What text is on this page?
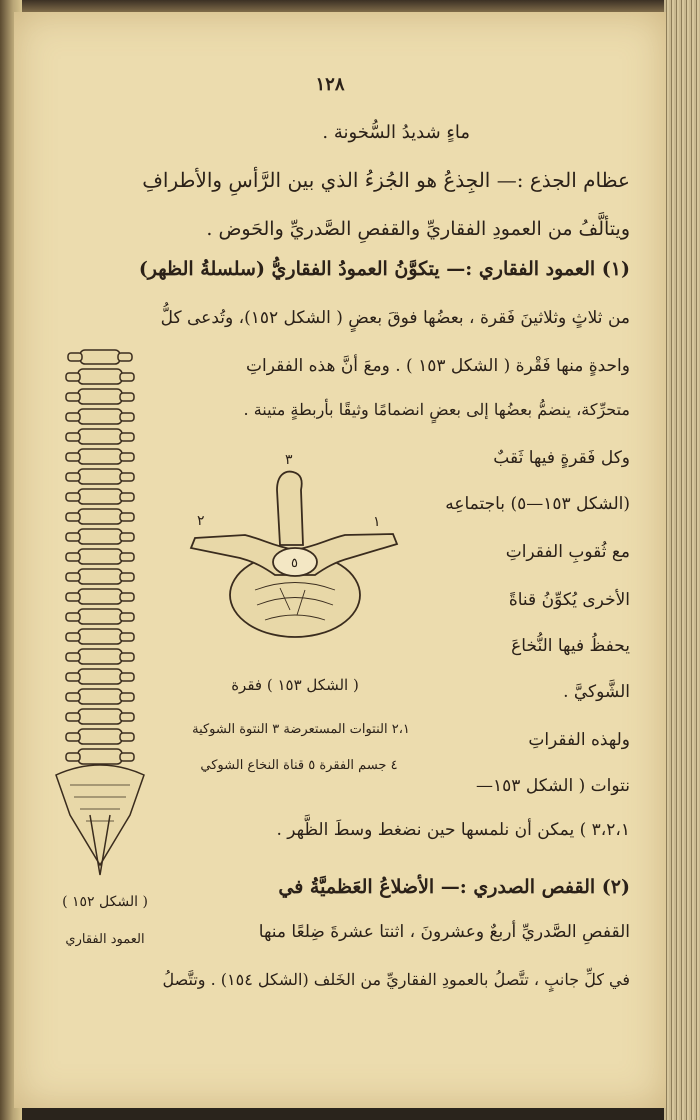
١٢٨
ماءٍ شديدُ السُّخونة .
عظام الجذع :— الجِذعُ هو الجُزءُ الذي بين الرَّأسِ والأطرافِ
ويتألَّفُ من العمودِ الفقاريِّ والقفصِ الصَّدريِّ والحَوض .
(١) العمود الفقاري :— يتكوَّنُ العمودُ الفقاريُّ (سلسلةُ الظهر)
من ثلاثٍ وثلاثينَ فَقرة ، بعضُها فوقَ بعضٍ ( الشكل ١٥٢)، وتُدعى كلُّ
واحدةٍ منها فَقْرة ( الشكل ١٥٣ ) . ومعَ أنَّ هذه الفقراتِ
متحرِّكة، ينضمُّ بعضُها إلى بعضٍ انضمامًا وثيقًا بأربطةٍ متينة .
وكل فَقرةٍ فيها ثَقبٌ
(الشكل ١٥٣—٥) باجتماعِه
مع ثُقوبِ الفقراتِ
الأخرى يُكوِّنُ قناةً
يحفظُ فيها النُّخاعَ
الشَّوكيَّ .
ولهذه الفقراتِ
نتوات ( الشكل ١٥٣—
٣،٢،١ ) يمكن أن نلمسها حين نضغط وسطَ الظَّهر .
(٢) القفص الصدري :— الأضلاعُ العَظميَّةُ في
القفصِ الصَّدريِّ أربعٌ وعشرونَ ، اثنتا عشرةَ ضِلعًا منها
في كلِّ جانبٍ ، تتَّصلُ بالعمودِ الفقاريِّ من الخَلف (الشكل ١٥٤) . وتتَّصلُ
٣
٢	١
٥
( الشكل ١٥٣ ) فقرة
٢،١ النتوات المستعرضة ٣ النتوة الشوكية
٤ جسم الفقرة ٥ قناة النخاع الشوكي
( الشكل ١٥٢ )
العمود الفقاري
